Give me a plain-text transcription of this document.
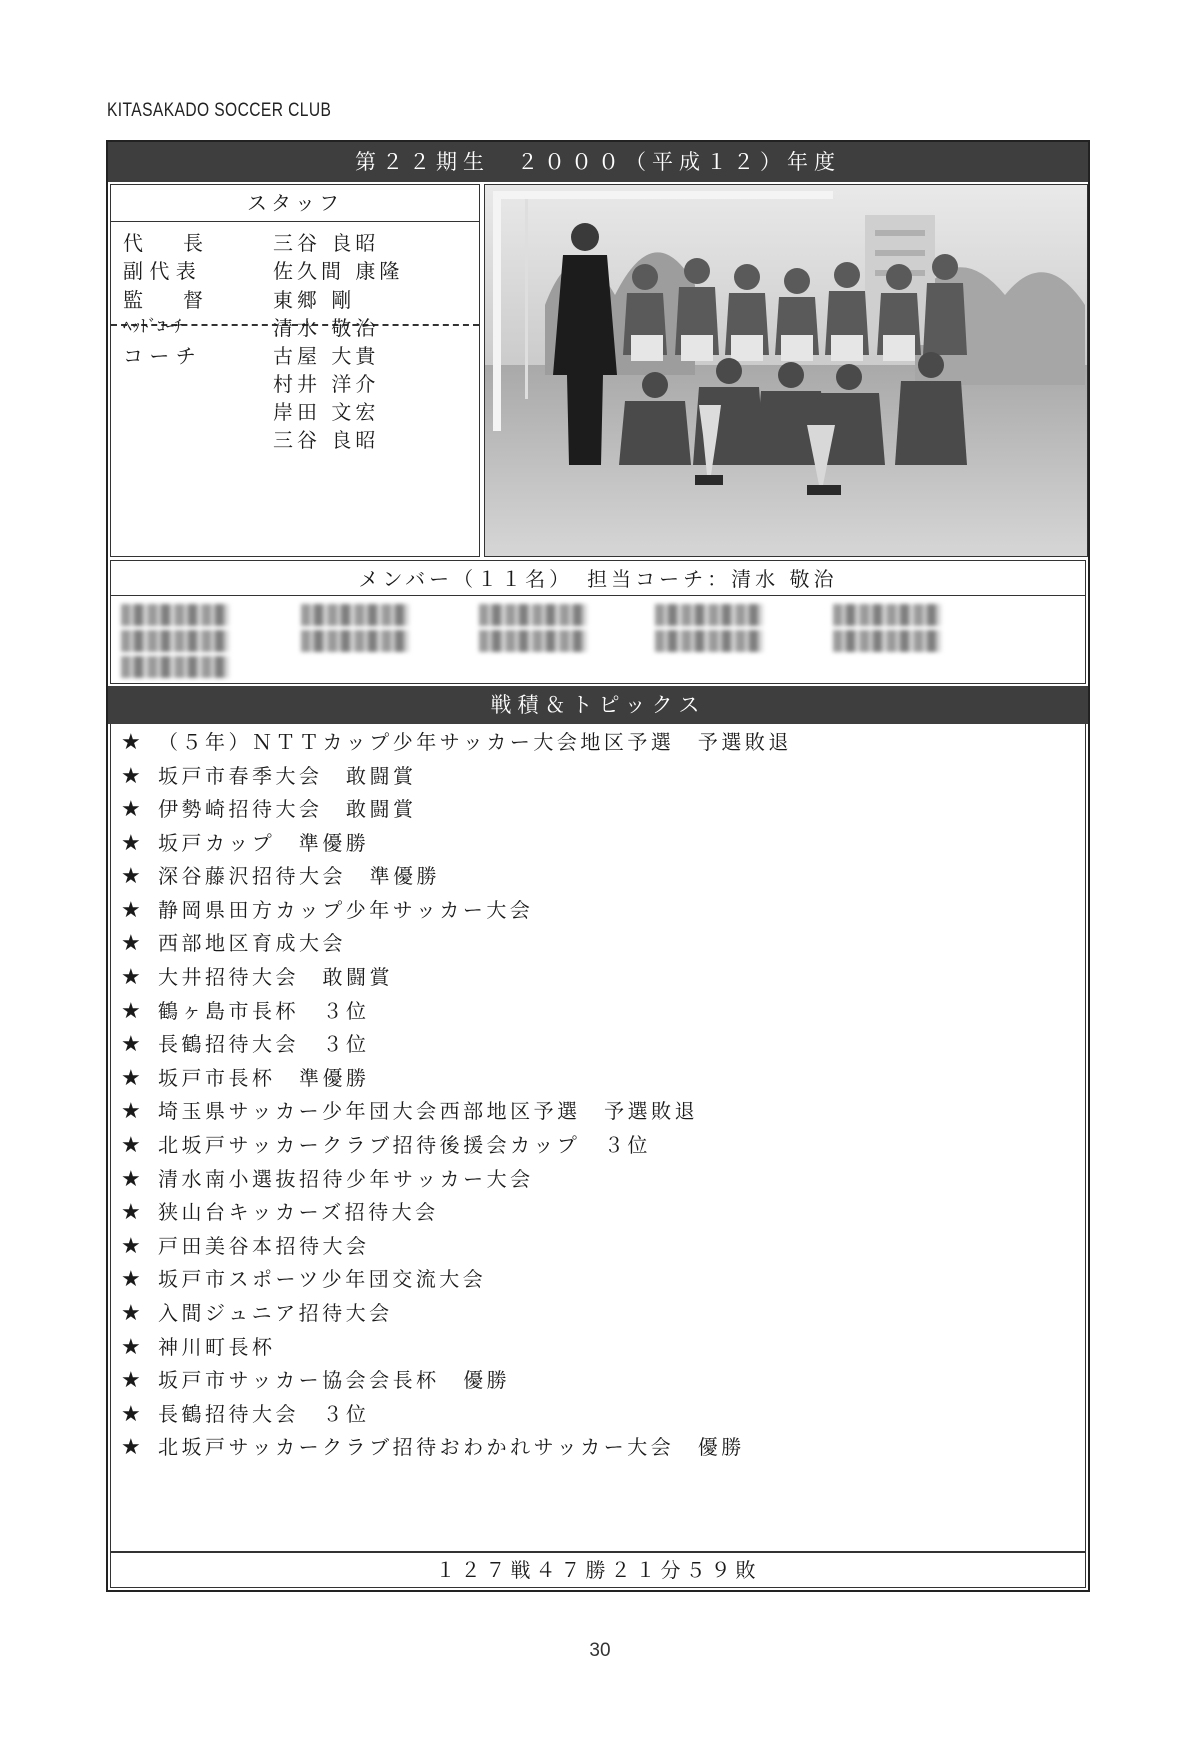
KITASAKADO SOCCER CLUB
第２２期生　２０００（平成１２）年度
スタッフ
代　　長	三谷 良昭
副 代 表	佐久間 康隆
監　　督	東郷 剛
ﾍｯﾄﾞｺｰﾁ	清水 敬治
コ ー チ	古屋 大貴
村井 洋介
岸田 文宏
三谷 良昭
メンバー（１１名）　担当コーチ：清水 敬治
戦積＆トピックス
★ （５年）ＮＴＴカップ少年サッカー大会地区予選　予選敗退
★ 坂戸市春季大会　敢闘賞
★ 伊勢崎招待大会　敢闘賞
★ 坂戸カップ　準優勝
★ 深谷藤沢招待大会　準優勝
★ 静岡県田方カップ少年サッカー大会
★ 西部地区育成大会
★ 大井招待大会　敢闘賞
★ 鶴ヶ島市長杯　３位
★ 長鶴招待大会　３位
★ 坂戸市長杯　準優勝
★ 埼玉県サッカー少年団大会西部地区予選　予選敗退
★ 北坂戸サッカークラブ招待後援会カップ　３位
★ 清水南小選抜招待少年サッカー大会
★ 狭山台キッカーズ招待大会
★ 戸田美谷本招待大会
★ 坂戸市スポーツ少年団交流大会
★ 入間ジュニア招待大会
★ 神川町長杯
★ 坂戸市サッカー協会会長杯　優勝
★ 長鶴招待大会　３位
★ 北坂戸サッカークラブ招待おわかれサッカー大会　優勝
１２７戦４７勝２１分５９敗
30
